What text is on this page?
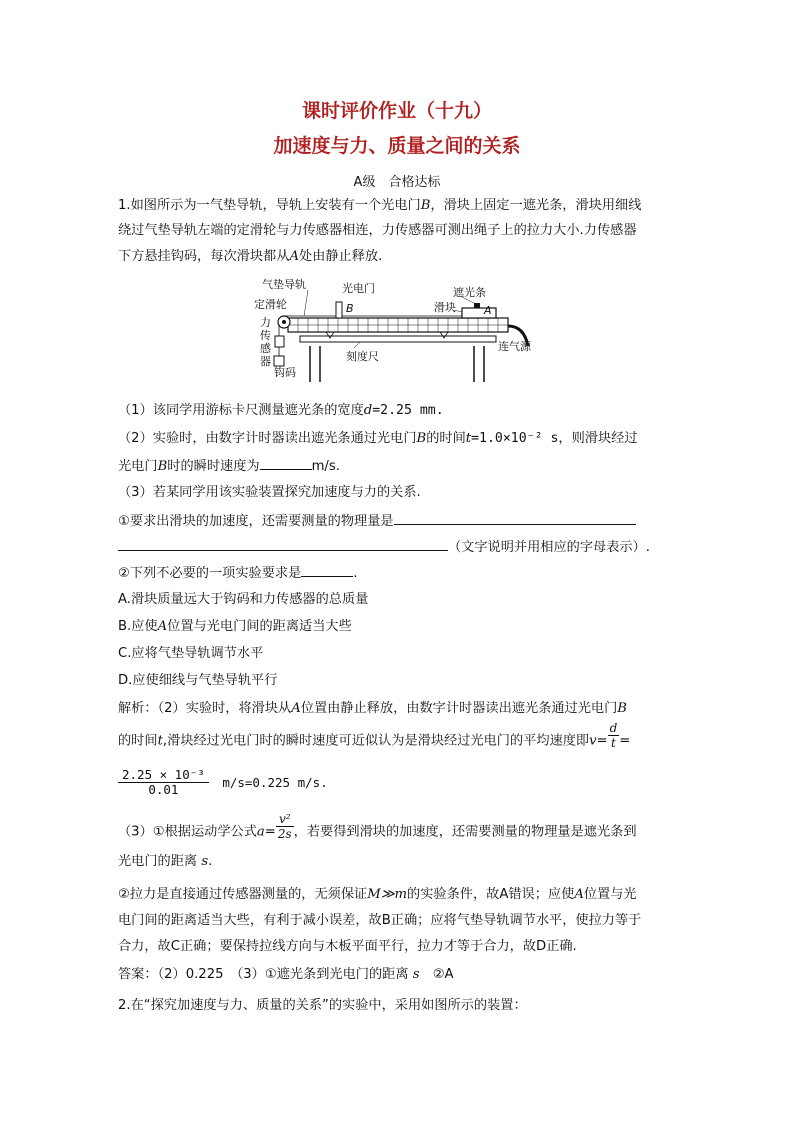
课时评价作业（十九）
加速度与力、质量之间的关系
A级　合格达标
1.如图所示为一气垫导轨，导轨上安装有一个光电门B，滑块上固定一遮光条，滑块用细线
绕过气垫导轨左端的定滑轮与力传感器相连，力传感器可测出绳子上的拉力大小.力传感器
下方悬挂钩码，每次滑块都从A处由静止释放.
气垫导轨	光电门
B
遮光条
滑块	A
定滑轮
力
传
感
器
钩码
刻度尺
连气源
（1）该同学用游标卡尺测量遮光条的宽度d=2.25 mm.
（2）实验时，由数字计时器读出遮光条通过光电门B的时间t=1.0×10⁻² s，则滑块经过
光电门B时的瞬时速度为	m/s.
（3）若某同学用该实验装置探究加速度与力的关系.
①要求出滑块的加速度，还需要测量的物理量是
（文字说明并用相应的字母表示）.
②下列不必要的一项实验要求是	.
A.滑块质量远大于钩码和力传感器的总质量
B.应使A位置与光电门间的距离适当大些
C.应将气垫导轨调节水平
D.应使细线与气垫导轨平行
解析：（2）实验时，将滑块从A位置由静止释放，由数字计时器读出遮光条通过光电门B
的时间t,滑块经过光电门时的瞬时速度可近似认为是滑块经过光电门的平均速度即$v= \frac{d}{t}$ =
$\frac{\text{2.25 × 10⁻³}}{0.01} m/s=0.225$ m/s.
（3）①根据运动学公式$a= \frac{\text{v²}}{2s}$ ，若要得到滑块的加速度，还需要测量的物理量是遮光条到
光电门的距离 s.
②拉力是直接通过传感器测量的，无须保证M≫m的实验条件，故A错误；应使A位置与光
电门间的距离适当大些，有利于减小误差，故B正确；应将气垫导轨调节水平，使拉力等于
合力，故C正确；要保持拉线方向与木板平面平行，拉力才等于合力，故D正确.
答案：（2）0.225　（3）①遮光条到光电门的距离 s　 ②A
2.在“探究加速度与力、质量的关系”的实验中，采用如图所示的装置：
